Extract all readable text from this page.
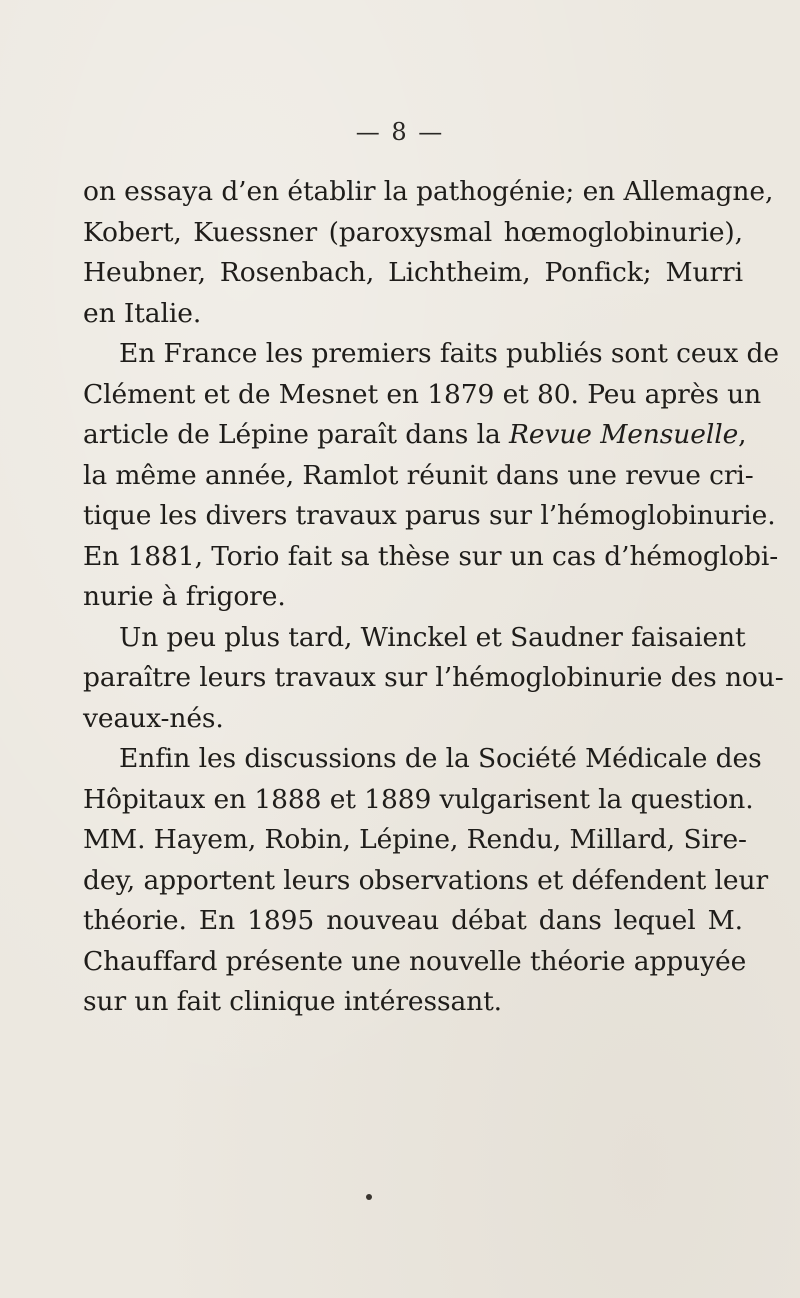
— 8 —
on essaya d’en établir la pathogénie; en Allemagne,
Kobert, Kuessner (paroxysmal hœmoglobinurie),
Heubner, Rosenbach, Lichtheim, Ponfick; Murri
en Italie.
En France les premiers faits publiés sont ceux de
Clément et de Mesnet en 1879 et 80. Peu après un
article de Lépine paraît dans la Revue Mensuelle,
la même année, Ramlot réunit dans une revue cri-
tique les divers travaux parus sur l’hémoglobinurie.
En 1881, Torio fait sa thèse sur un cas d’hémoglobi-
nurie à frigore.
Un peu plus tard, Winckel et Saudner faisaient
paraître leurs travaux sur l’hémoglobinurie des nou-
veaux-nés.
Enfin les discussions de la Société Médicale des
Hôpitaux en 1888 et 1889 vulgarisent la question.
MM. Hayem, Robin, Lépine, Rendu, Millard, Sire-
dey, apportent leurs observations et défendent leur
théorie. En 1895 nouveau débat dans lequel M.
Chauffard présente une nouvelle théorie appuyée
sur un fait clinique intéressant.
